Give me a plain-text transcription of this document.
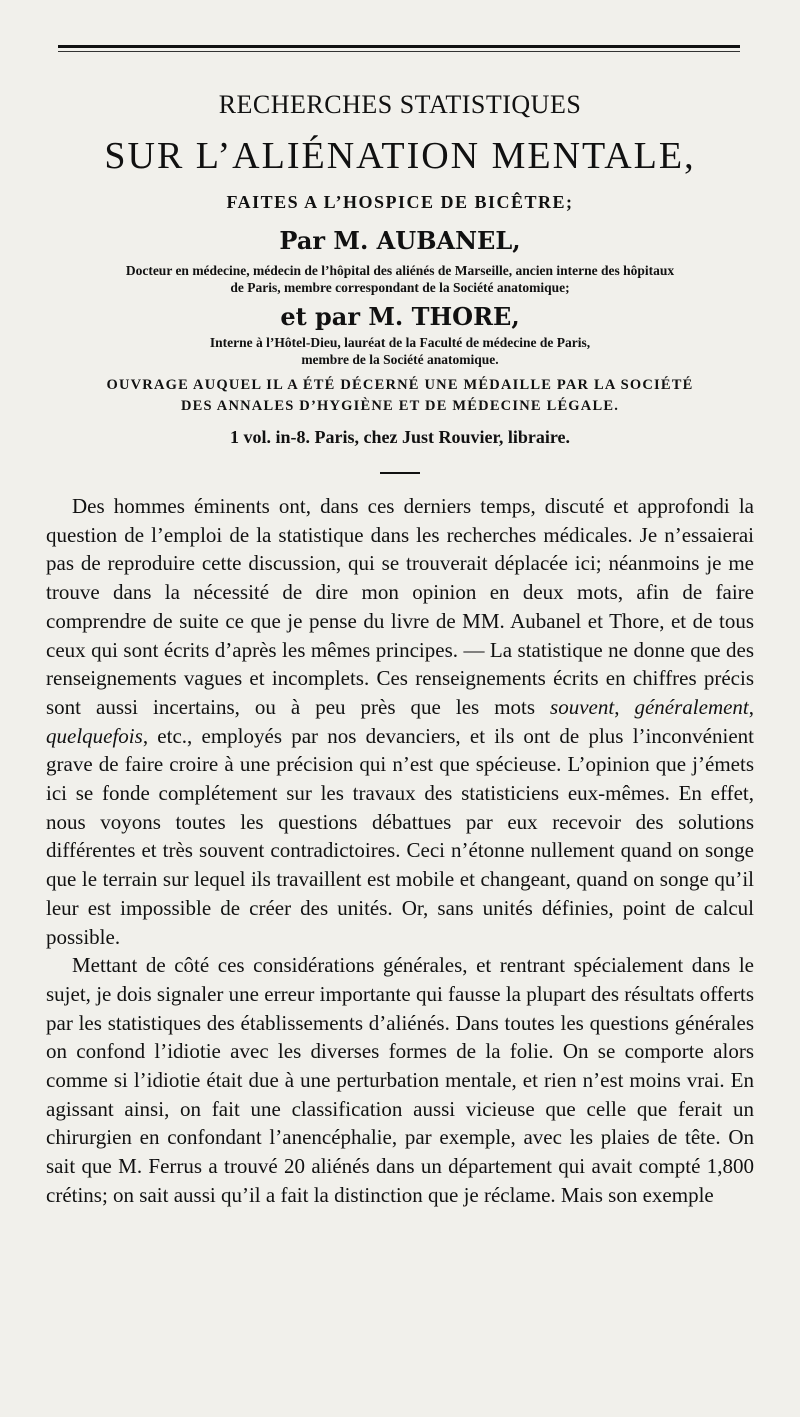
RECHERCHES STATISTIQUES
SUR L’ALIÉNATION MENTALE,
FAITES A L’HOSPICE DE BICÊTRE;
Par M. AUBANEL,
Docteur en médecine, médecin de l’hôpital des aliénés de Marseille, ancien interne des hôpitaux
de Paris, membre correspondant de la Société anatomique;
et par M. THORE,
Interne à l’Hôtel-Dieu, lauréat de la Faculté de médecine de Paris,
membre de la Société anatomique.
OUVRAGE AUQUEL IL A ÉTÉ DÉCERNÉ UNE MÉDAILLE PAR LA SOCIÉTÉ
DES ANNALES D’HYGIÈNE ET DE MÉDECINE LÉGALE.
1 vol. in-8. Paris, chez Just Rouvier, libraire.

Des hommes éminents ont, dans ces derniers temps, discuté et approfondi la question de l’emploi de la statistique dans les recherches médicales. Je n’essaierai pas de reproduire cette discussion, qui se trouverait déplacée ici; néanmoins je me trouve dans la nécessité de dire mon opinion en deux mots, afin de faire comprendre de suite ce que je pense du livre de MM. Aubanel et Thore, et de tous ceux qui sont écrits d’après les mêmes principes. — La statistique ne donne que des renseignements vagues et incomplets. Ces renseignements écrits en chiffres précis sont aussi incertains, ou à peu près que les mots souvent, généralement, quelquefois, etc., employés par nos devanciers, et ils ont de plus l’inconvénient grave de faire croire à une précision qui n’est que spécieuse. L’opinion que j’émets ici se fonde complétement sur les travaux des statisticiens eux-mêmes. En effet, nous voyons toutes les questions débattues par eux recevoir des solutions différentes et très souvent contradictoires. Ceci n’étonne nullement quand on songe que le terrain sur lequel ils travaillent est mobile et changeant, quand on songe qu’il leur est impossible de créer des unités. Or, sans unités définies, point de calcul possible.

Mettant de côté ces considérations générales, et rentrant spécialement dans le sujet, je dois signaler une erreur importante qui fausse la plupart des résultats offerts par les statistiques des établissements d’aliénés. Dans toutes les questions générales on confond l’idiotie avec les diverses formes de la folie. On se comporte alors comme si l’idiotie était due à une perturbation mentale, et rien n’est moins vrai. En agissant ainsi, on fait une classification aussi vicieuse que celle que ferait un chirurgien en confondant l’anencéphalie, par exemple, avec les plaies de tête. On sait que M. Ferrus a trouvé 20 aliénés dans un département qui avait compté 1,800 crétins; on sait aussi qu’il a fait la distinction que je réclame. Mais son exemple
